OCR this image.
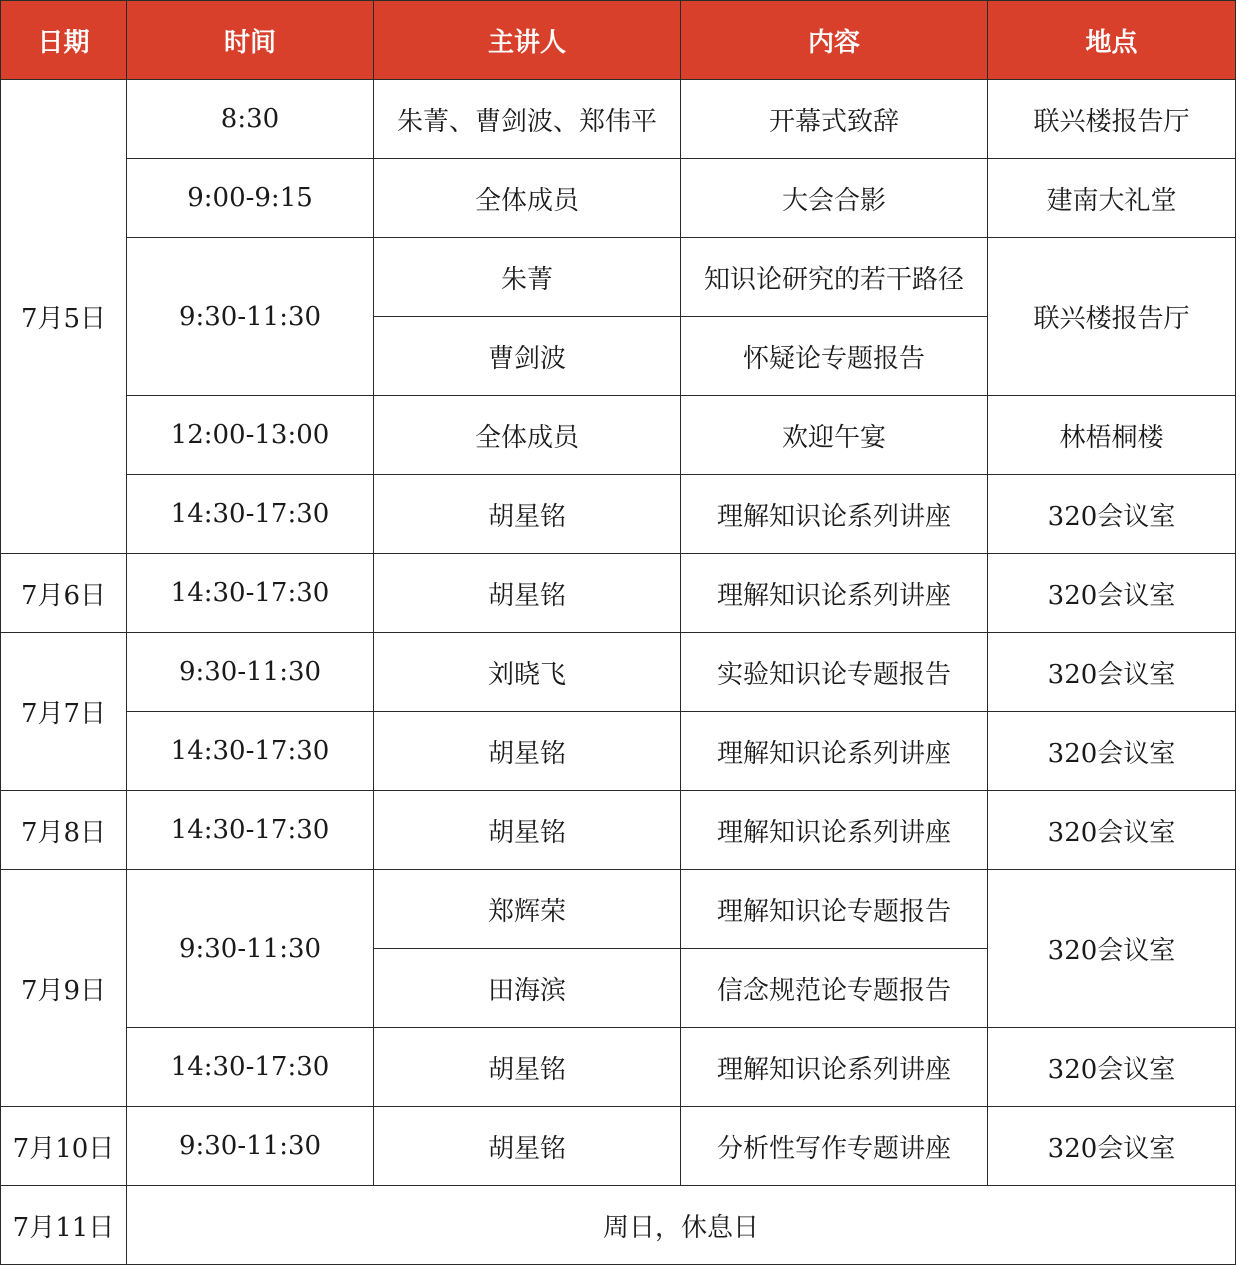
日期	时间	主讲人	内容	地点
7月5日	8:30	朱菁、曹剑波、郑伟平	开幕式致辞	联兴楼报告厅
	9:00-9:15	全体成员	大会合影	建南大礼堂
	9:30-11:30	朱菁	知识论研究的若干路径	联兴楼报告厅
		曹剑波	怀疑论专题报告	
	12:00-13:00	全体成员	欢迎午宴	林梧桐楼
	14:30-17:30	胡星铭	理解知识论系列讲座	320会议室
7月6日	14:30-17:30	胡星铭	理解知识论系列讲座	320会议室
7月7日	9:30-11:30	刘晓飞	实验知识论专题报告	320会议室
	14:30-17:30	胡星铭	理解知识论系列讲座	320会议室
7月8日	14:30-17:30	胡星铭	理解知识论系列讲座	320会议室
7月9日	9:30-11:30	郑辉荣	理解知识论专题报告	320会议室
		田海滨	信念规范论专题报告	
	14:30-17:30	胡星铭	理解知识论系列讲座	320会议室
7月10日	9:30-11:30	胡星铭	分析性写作专题讲座	320会议室
7月11日	周日，休息日			
